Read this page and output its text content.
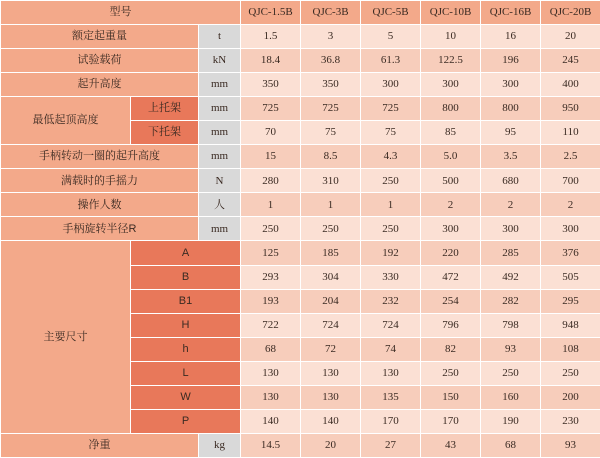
型号			QJC-1.5B	QJC-3B	QJC-5B	QJC-10B	QJC-16B	QJC-20B
额定起重量		t	1.5	3	5	10	16	20
试验载荷		kN	18.4	36.8	61.3	122.5	196	245
起升高度		mm	350	350	300	300	300	400
最低起顶高度	上托架	mm	725	725	725	800	800	950
	下托架	mm	70	75	75	85	95	110
手柄转动一圈的起升高度		mm	15	8.5	4.3	5.0	3.5	2.5
满载时的手摇力		N	280	310	250	500	680	700
操作人数		人	1	1	1	2	2	2
手柄旋转半径R		mm	250	250	250	300	300	300
主要尺寸	A		125	185	192	220	285	376
	B		293	304	330	472	492	505
	B1		193	204	232	254	282	295
	H		722	724	724	796	798	948
	h		68	72	74	82	93	108
	L		130	130	130	250	250	250
	W		130	130	135	150	160	200
	P		140	140	170	170	190	230
净重		kg	14.5	20	27	43	68	93
